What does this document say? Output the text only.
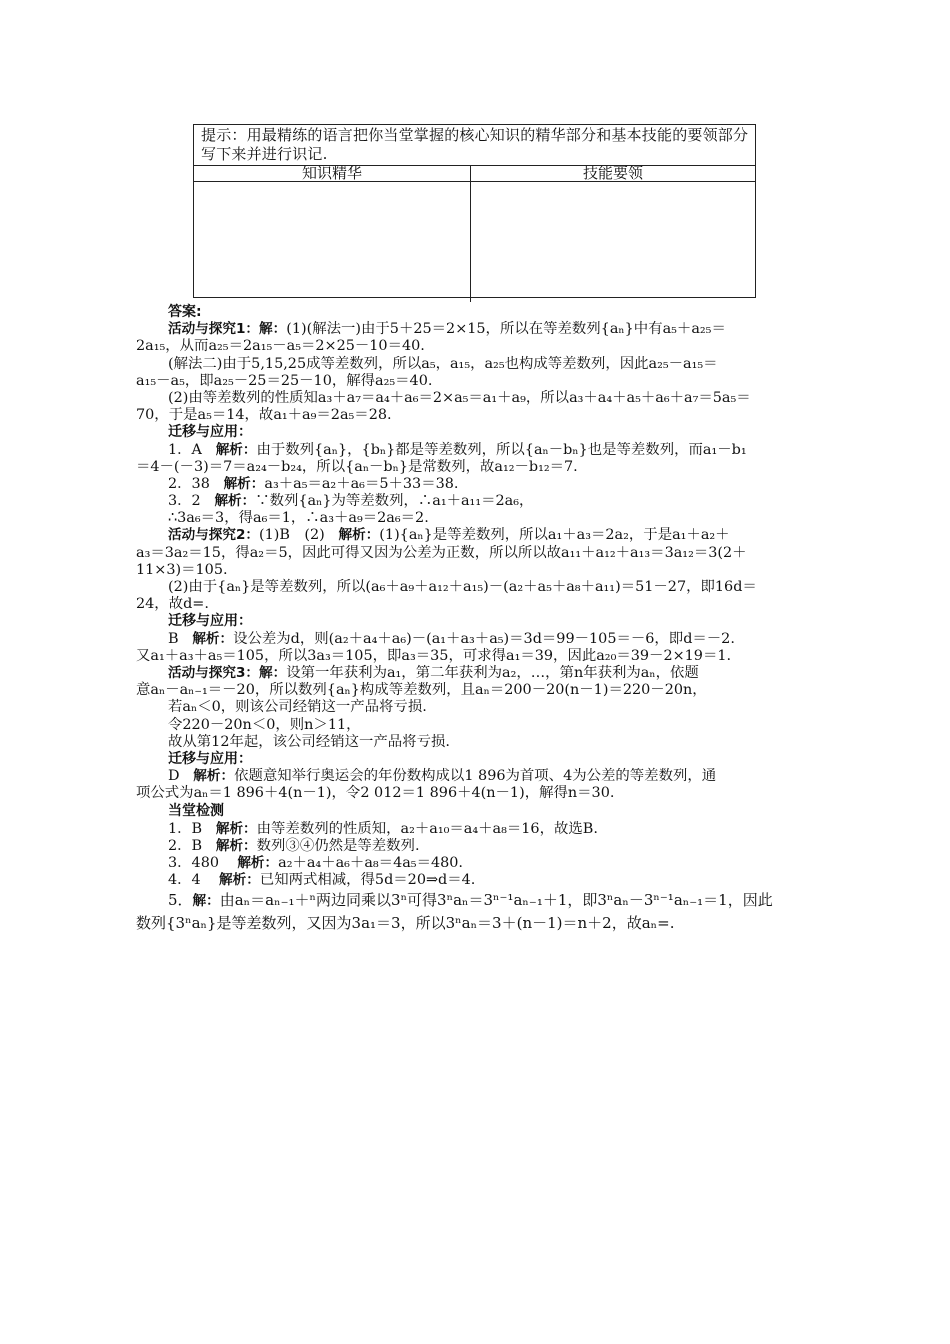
提示：用最精练的语言把你当堂掌握的核心知识的精华部分和基本技能的要领部分写下来并进行识记.
知识精华	技能要领
答案:
活动与探究1：解：(1)(解法一)由于5＋25＝2×15，所以在等差数列{aₙ}中有a₅＋a₂₅＝
2a₁₅，从而a₂₅＝2a₁₅－a₅＝2×25－10＝40.
(解法二)由于5,15,25成等差数列，所以a₅，a₁₅，a₂₅也构成等差数列，因此a₂₅－a₁₅＝
a₁₅－a₅，即a₂₅－25＝25－10，解得a₂₅＝40.
(2)由等差数列的性质知a₃＋a₇＝a₄＋a₆＝2×a₅＝a₁＋a₉，所以a₃＋a₄＋a₅＋a₆＋a₇＝5a₅＝
70，于是a₅＝14，故a₁＋a₉＝2a₅＝28.
迁移与应用：
1．A 解析：由于数列{aₙ}，{bₙ}都是等差数列，所以{aₙ－bₙ}也是等差数列，而a₁－b₁
＝4－(－3)＝7＝a₂₄－b₂₄，所以{aₙ－bₙ}是常数列，故a₁₂－b₁₂＝7.
2．38 解析：a₃＋a₅＝a₂＋a₆＝5＋33＝38.
3．2 解析：∵数列{aₙ}为等差数列，∴a₁＋a₁₁＝2a₆，
∴3a₆＝3，得a₆＝1，∴a₃＋a₉＝2a₆＝2.
活动与探究2：(1)B　(2) 解析：(1){aₙ}是等差数列，所以a₁＋a₃＝2a₂，于是a₁＋a₂＋
a₃＝3a₂＝15，得a₂＝5，因此可得又因为公差为正数，所以所以故a₁₁＋a₁₂＋a₁₃＝3a₁₂＝3(2＋
11×3)＝105.
(2)由于{aₙ}是等差数列，所以(a₆＋a₉＋a₁₂＋a₁₅)－(a₂＋a₅＋a₈＋a₁₁)＝51－27，即16d＝
24，故d=.
迁移与应用：
B 解析：设公差为d，则(a₂＋a₄＋a₆)－(a₁＋a₃＋a₅)＝3d＝99－105＝－6，即d＝－2.
又a₁＋a₃＋a₅＝105，所以3a₃＝105，即a₃＝35，可求得a₁＝39，因此a₂₀＝39－2×19＝1.
活动与探究3：解：设第一年获利为a₁，第二年获利为a₂，…，第n年获利为aₙ，依题
意aₙ－aₙ₋₁＝－20，所以数列{aₙ}构成等差数列，且aₙ＝200－20(n－1)＝220－20n，
若aₙ＜0，则该公司经销这一产品将亏损.
令220－20n＜0，则n＞11，
故从第12年起，该公司经销这一产品将亏损.
迁移与应用：
D 解析：依题意知举行奥运会的年份数构成以1 896为首项、4为公差的等差数列，通
项公式为aₙ＝1 896＋4(n－1)，令2 012＝1 896＋4(n－1)，解得n＝30.
当堂检测
1．B 解析：由等差数列的性质知，a₂＋a₁₀＝a₄＋a₈＝16，故选B.
2．B 解析：数列③④仍然是等差数列.
3．480 解析：a₂＋a₄＋a₆＋a₈＝4a₅＝480.
4．4 解析：已知两式相减，得5d＝20⇒d＝4.
5．解：由aₙ＝aₙ₋₁＋ⁿ两边同乘以3ⁿ可得3ⁿaₙ＝3ⁿ⁻¹aₙ₋₁＋1，即3ⁿaₙ－3ⁿ⁻¹aₙ₋₁＝1，因此
数列{3ⁿaₙ}是等差数列，又因为3a₁＝3，所以3ⁿaₙ＝3＋(n－1)＝n＋2，故aₙ=.
